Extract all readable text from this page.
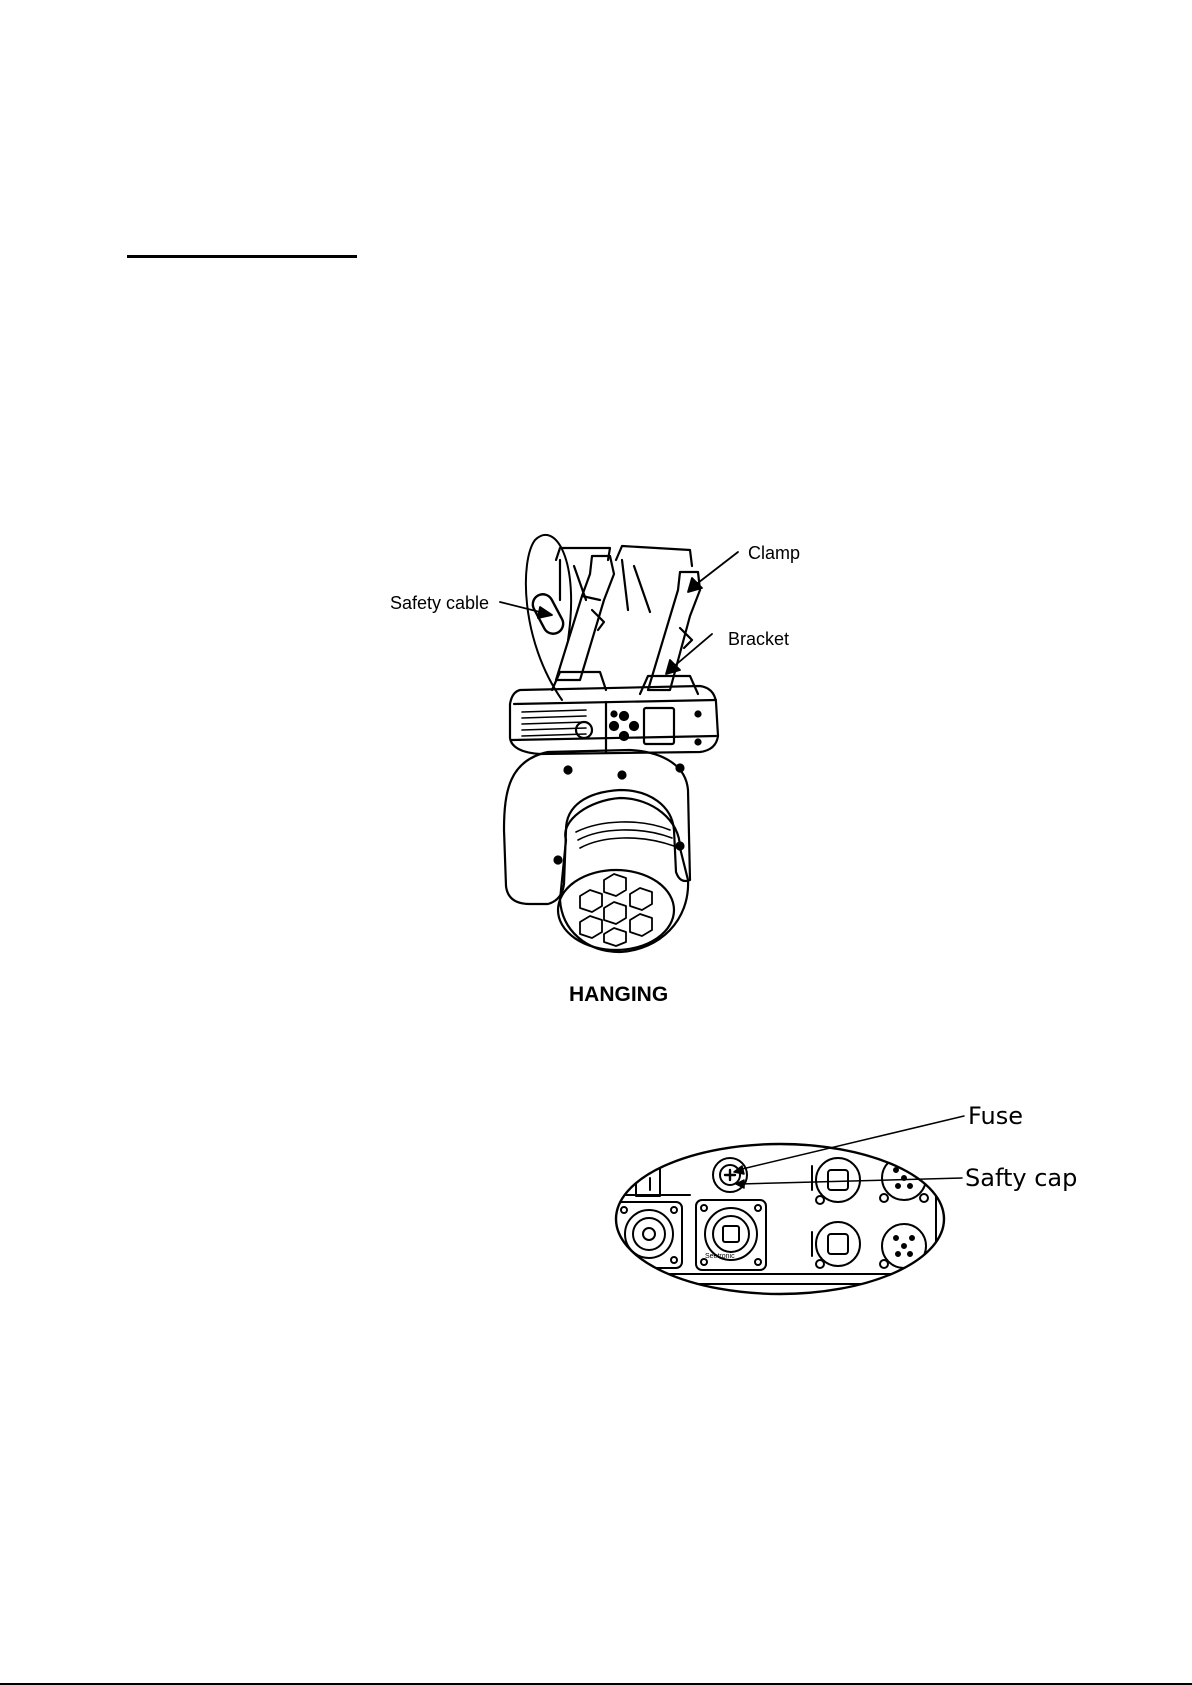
Safety cable
Clamp
Bracket
HANGING
Seetronic
Fuse
Safty cap
